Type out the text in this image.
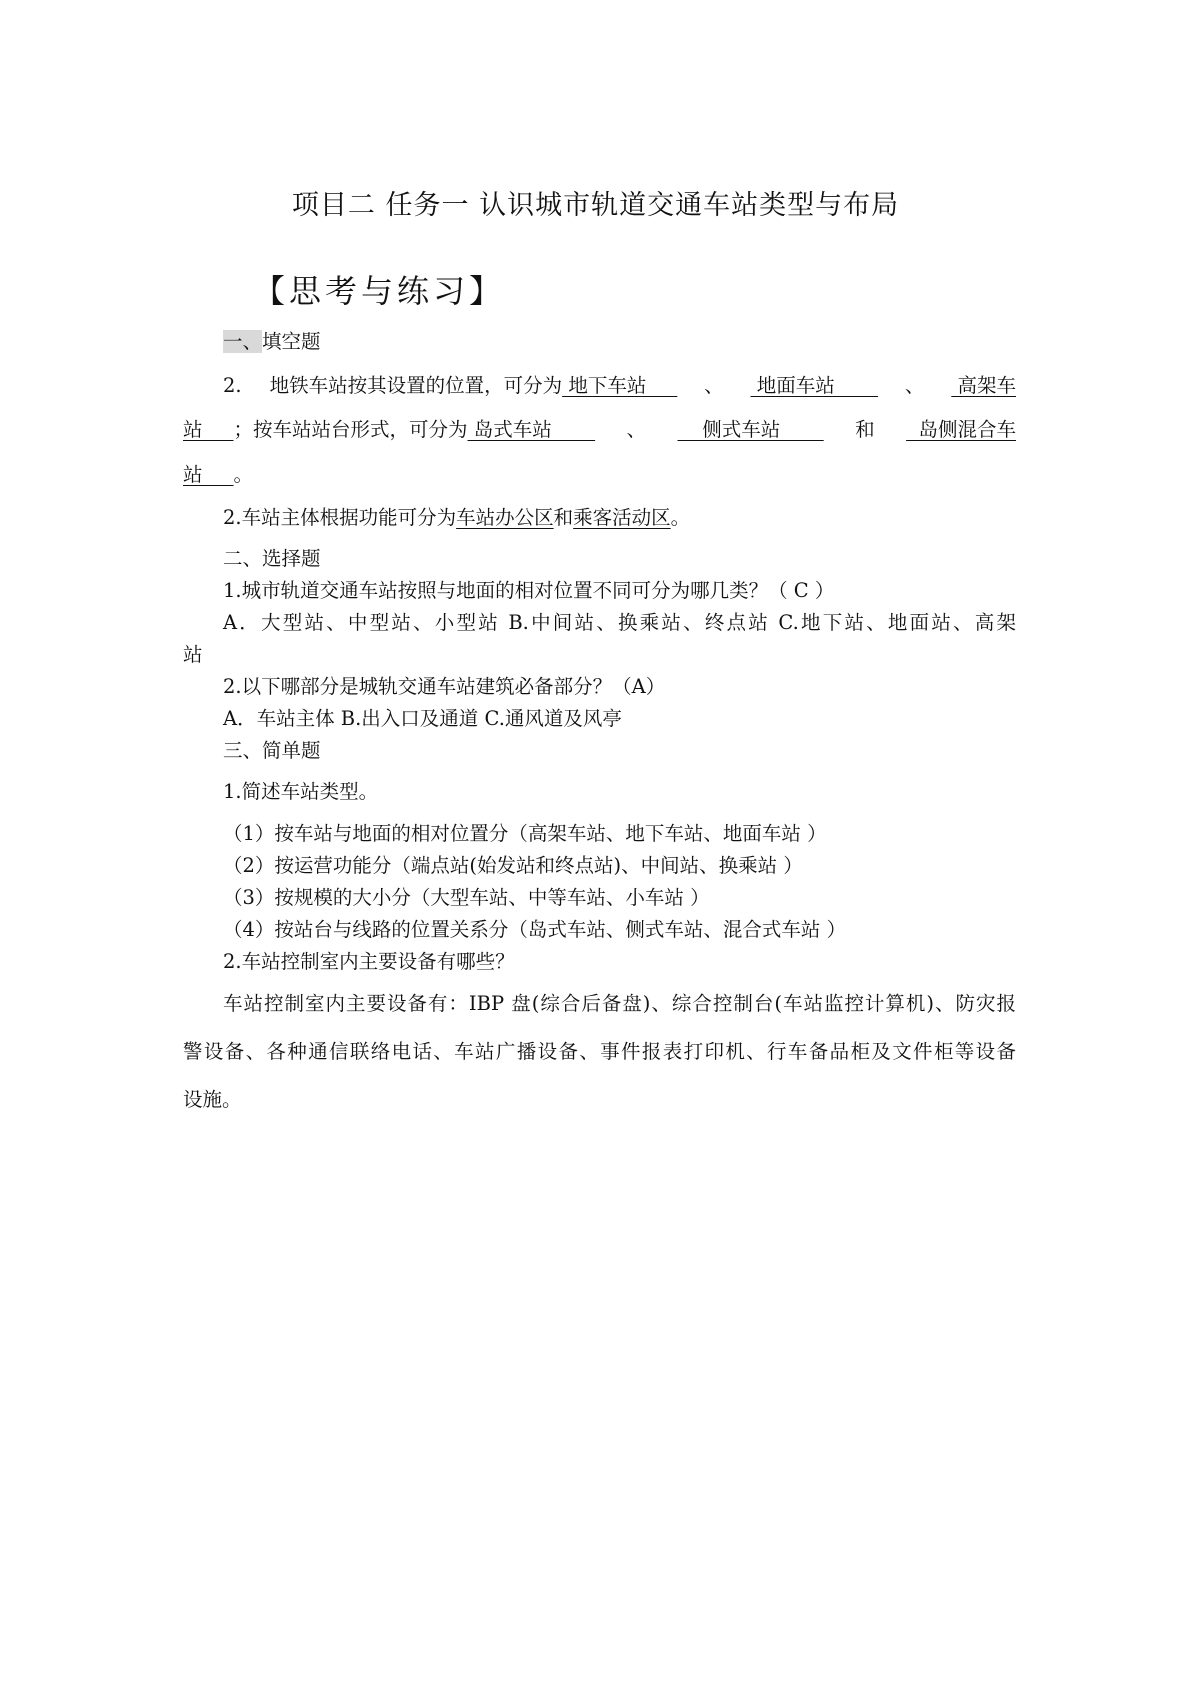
项目二 任务一 认识城市轨道交通车站类型与布局
【思考与练习】
一、填空题
2. 地铁车站按其设置的位置，可分为 地下车站 、 地面车站 、 高架车
站     ；按车站站台形式，可分为 岛式车站 、 侧式车站 和 岛侧混合车
站     。
2.车站主体根据功能可分为车站办公区和乘客活动区。
二、选择题
1.城市轨道交通车站按照与地面的相对位置不同可分为哪几类？（ C ）
A．大型站、中型站、小型站 B.中间站、换乘站、终点站 C.地下站、地面站、高架
站
2.以下哪部分是城轨交通车站建筑必备部分？（A）
A．车站主体 B.出入口及通道 C.通风道及风亭
三、简单题
1.简述车站类型。
（1）按车站与地面的相对位置分（高架车站、地下车站、地面车站 ）
（2）按运营功能分（端点站(始发站和终点站)、中间站、换乘站 ）
（3）按规模的大小分（大型车站、中等车站、小车站 ）
（4）按站台与线路的位置关系分（岛式车站、侧式车站、混合式车站 ）
2.车站控制室内主要设备有哪些？
车站控制室内主要设备有：IBP 盘(综合后备盘)、综合控制台(车站监控计算机)、防灾报
警设备、各种通信联络电话、车站广播设备、事件报表打印机、行车备品柜及文件柜等设备
设施。
